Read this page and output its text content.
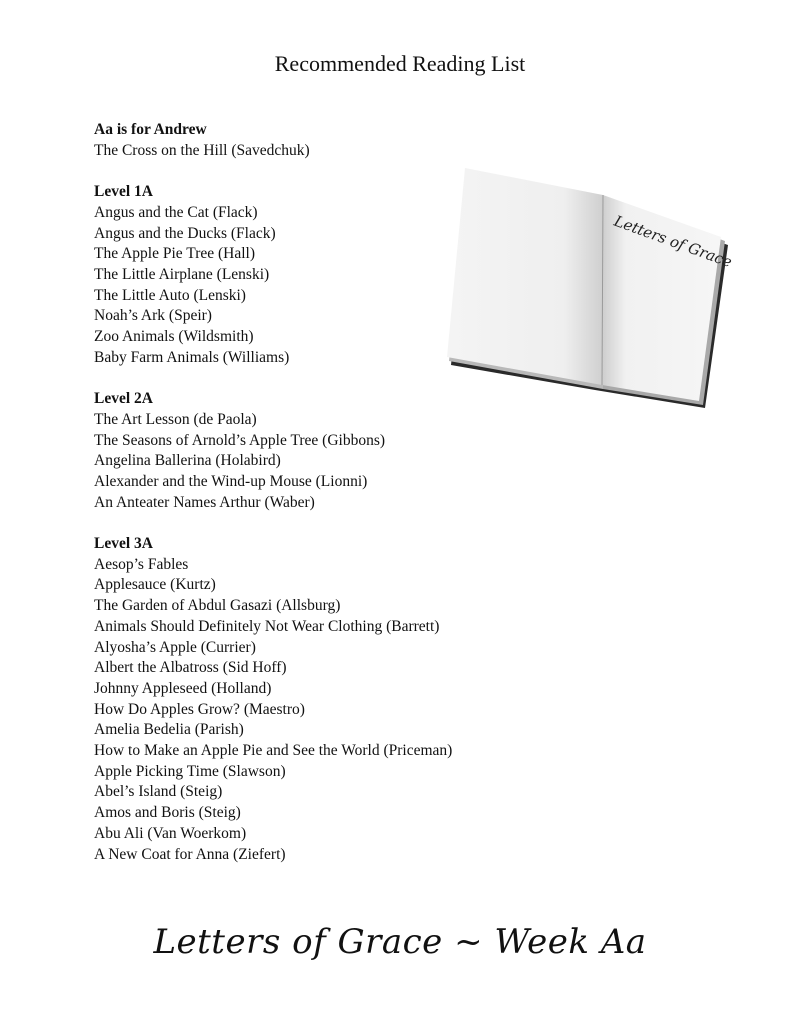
Recommended Reading List
Aa is for Andrew
The Cross on the Hill (Savedchuk)
Level 1A
Angus and the Cat (Flack)
Angus and the Ducks (Flack)
The Apple Pie Tree (Hall)
The Little Airplane (Lenski)
The Little Auto (Lenski)
Noah’s Ark (Speir)
Zoo Animals (Wildsmith)
Baby Farm Animals (Williams)
Level 2A
The Art Lesson (de Paola)
The Seasons of Arnold’s Apple Tree (Gibbons)
Angelina Ballerina (Holabird)
Alexander and the Wind-up Mouse (Lionni)
An Anteater Names Arthur (Waber)
Level 3A
Aesop’s Fables
Applesauce (Kurtz)
The Garden of Abdul Gasazi (Allsburg)
Animals Should Definitely Not Wear Clothing (Barrett)
Alyosha’s Apple (Currier)
Albert the Albatross (Sid Hoff)
Johnny Appleseed (Holland)
How Do Apples Grow? (Maestro)
Amelia Bedelia (Parish)
How to Make an Apple Pie and See the World (Priceman)
Apple Picking Time (Slawson)
Abel’s Island (Steig)
Amos and Boris (Steig)
Abu Ali (Van Woerkom)
A New Coat for Anna (Ziefert)
Letters of Grace
Letters of Grace ~ Week Aa
